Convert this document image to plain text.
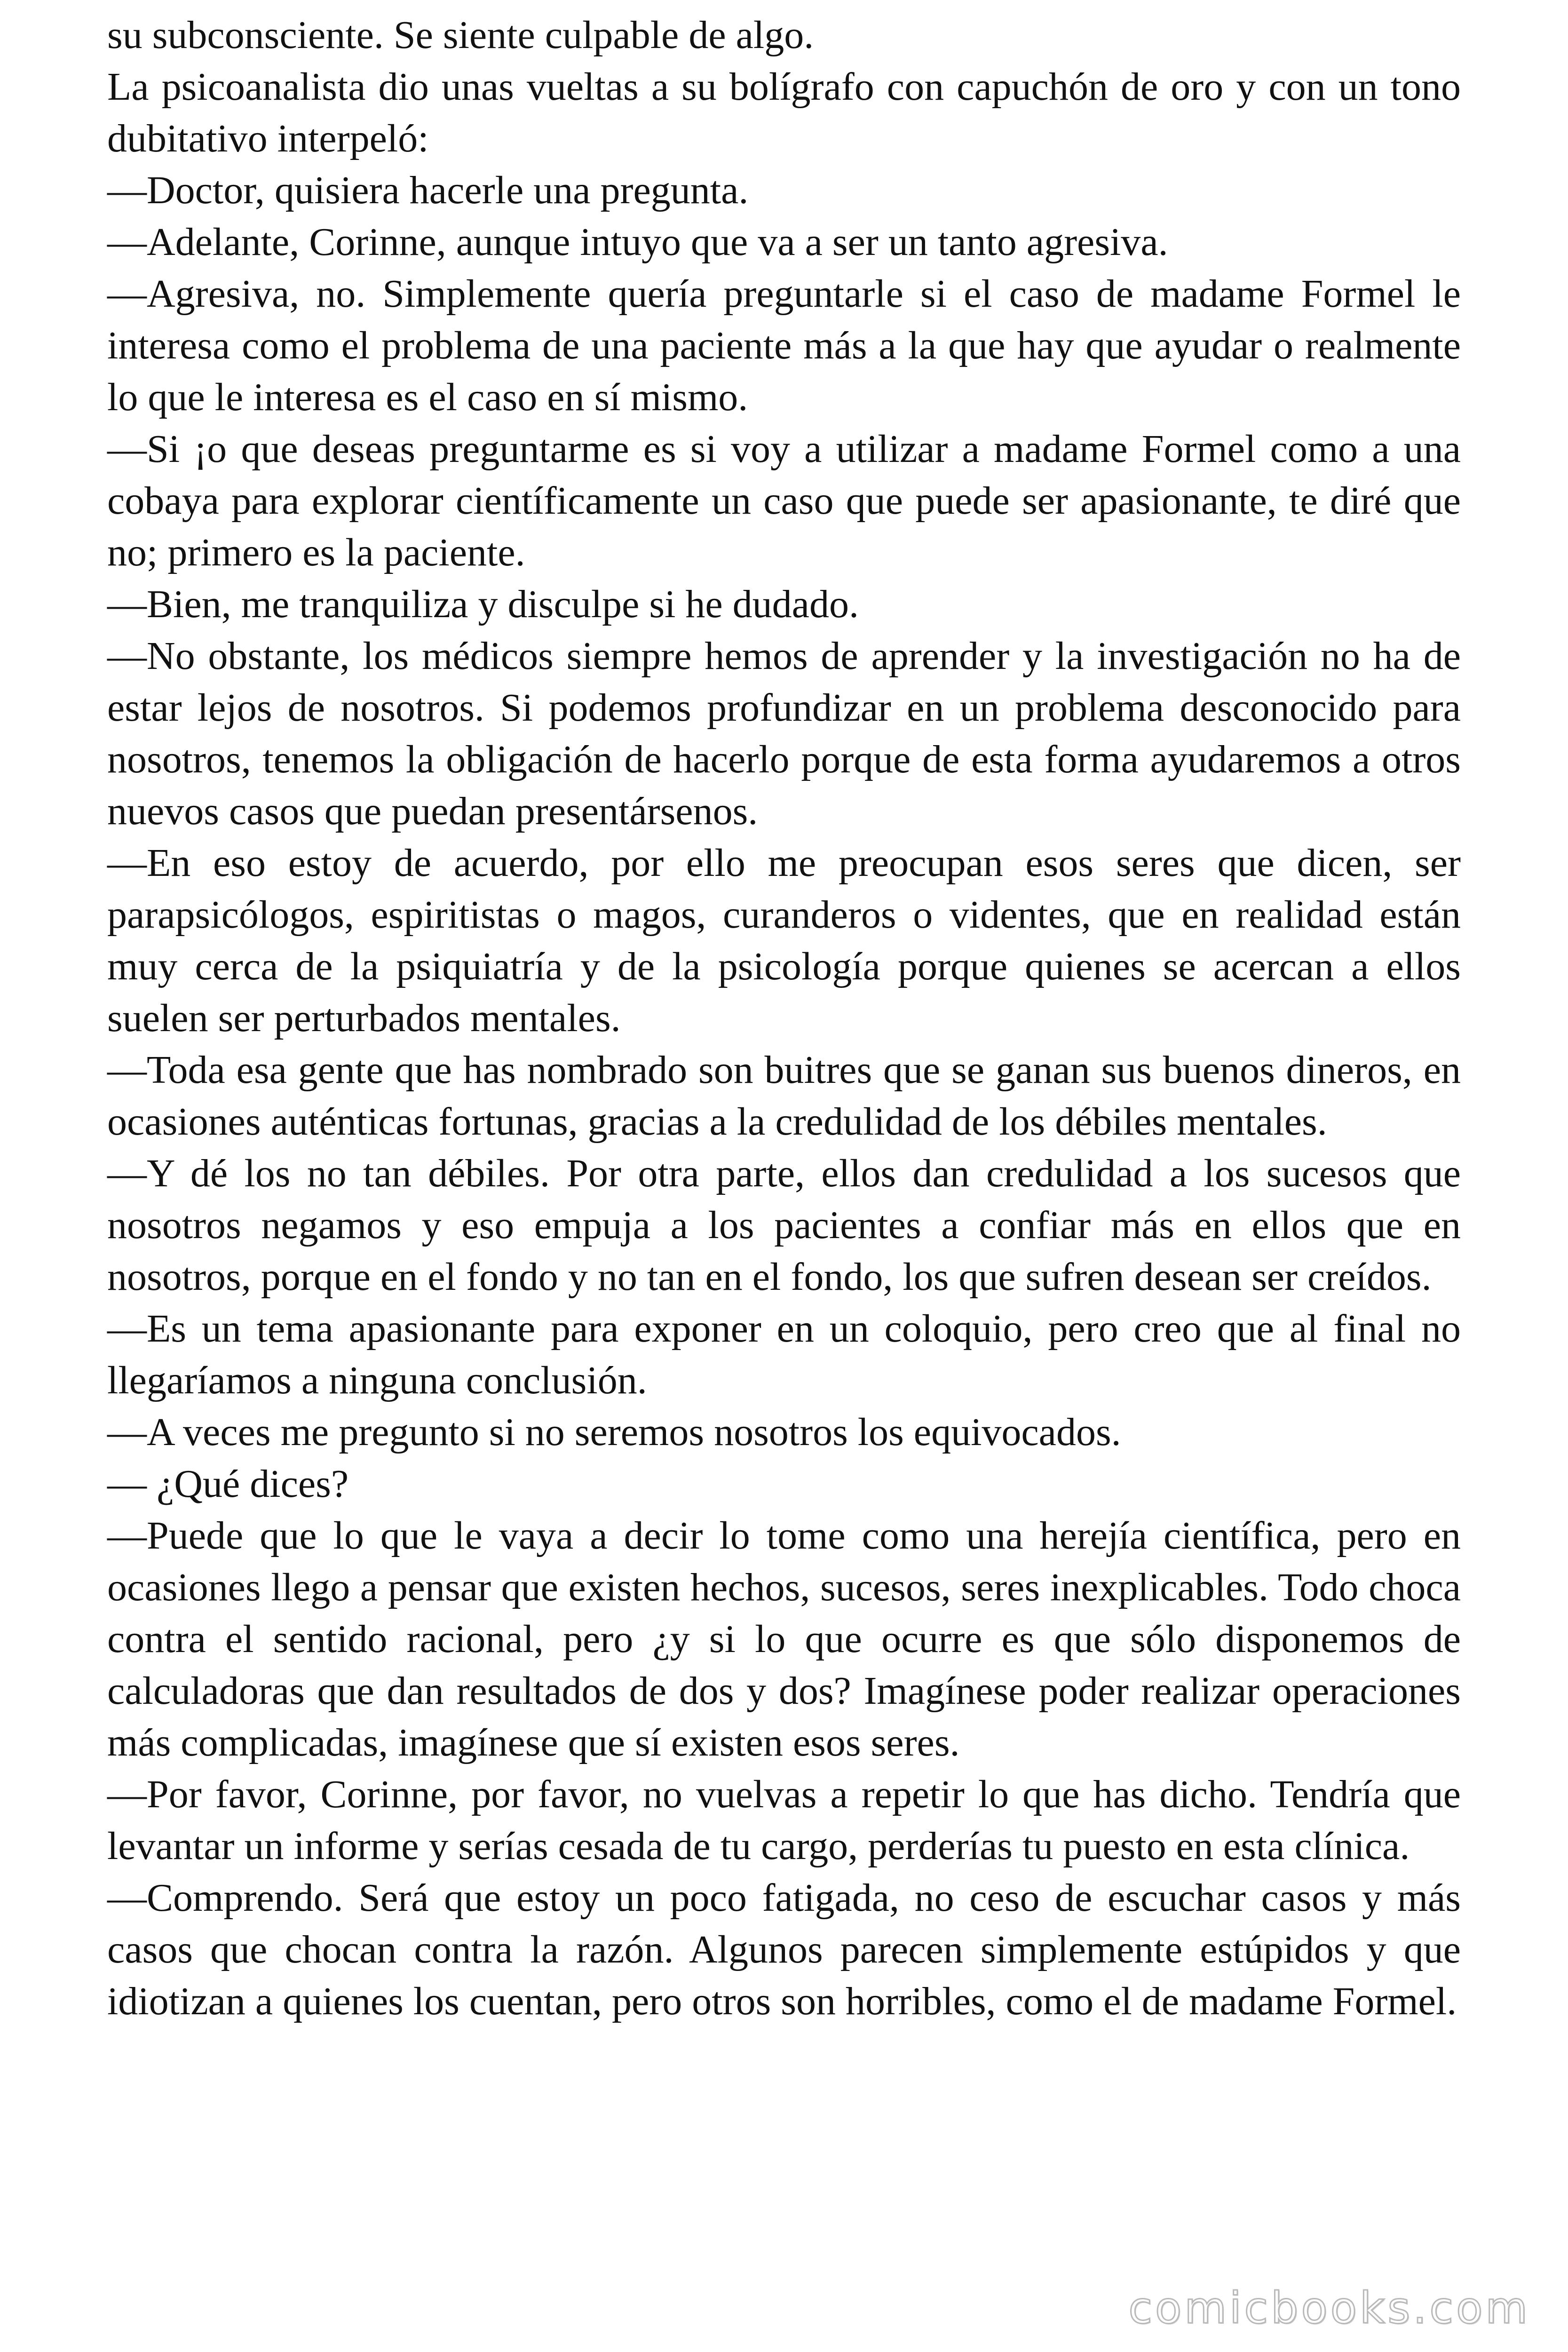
su subconsciente. Se siente culpable de algo.

La psicoanalista dio unas vueltas a su bolígrafo con capuchón de oro y con un tono dubitativo interpeló:

—Doctor, quisiera hacerle una pregunta.

—Adelante, Corinne, aunque intuyo que va a ser un tanto agresiva.

—Agresiva, no. Simplemente quería preguntarle si el caso de madame Formel le interesa como el problema de una paciente más a la que hay que ayudar o realmente lo que le interesa es el caso en sí mismo.

—Si ¡o que deseas preguntarme es si voy a utilizar a madame Formel como a una cobaya para explorar científicamente un caso que puede ser apasionante, te diré que no; primero es la paciente.

—Bien, me tranquiliza y disculpe si he dudado.

—No obstante, los médicos siempre hemos de aprender y la investigación no ha de estar lejos de nosotros. Si podemos profundizar en un problema desconocido para nosotros, tenemos la obligación de hacerlo porque de esta forma ayudaremos a otros nuevos casos que puedan presentársenos.

—En eso estoy de acuerdo, por ello me preocupan esos seres que dicen, ser parapsicólogos, espiritistas o magos, curanderos o videntes, que en realidad están muy cerca de la psiquiatría y de la psicología porque quienes se acercan a ellos suelen ser perturbados mentales.

—Toda esa gente que has nombrado son buitres que se ganan sus buenos dineros, en ocasiones auténticas fortunas, gracias a la credulidad de los débiles mentales.

—Y dé los no tan débiles. Por otra parte, ellos dan credulidad a los sucesos que nosotros negamos y eso empuja a los pacientes a confiar más en ellos que en nosotros, porque en el fondo y no tan en el fondo, los que sufren desean ser creídos.

—Es un tema apasionante para exponer en un coloquio, pero creo que al final no llegaríamos a ninguna conclusión.

—A veces me pregunto si no seremos nosotros los equivocados.

— ¿Qué dices?

—Puede que lo que le vaya a decir lo tome como una herejía científica, pero en ocasiones llego a pensar que existen hechos, sucesos, seres inexplicables. Todo choca contra el sentido racional, pero ¿y si lo que ocurre es que sólo disponemos de calculadoras que dan resultados de dos y dos? Imagínese poder realizar operaciones más complicadas, imagínese que sí existen esos seres.

—Por favor, Corinne, por favor, no vuelvas a repetir lo que has dicho. Tendría que levantar un informe y serías cesada de tu cargo, perderías tu puesto en esta clínica.

—Comprendo. Será que estoy un poco fatigada, no ceso de escuchar casos y más casos que chocan contra la razón. Algunos parecen simplemente estúpidos y que idiotizan a quienes los cuentan, pero otros son horribles, como el de madame Formel.

comicbooks.com
